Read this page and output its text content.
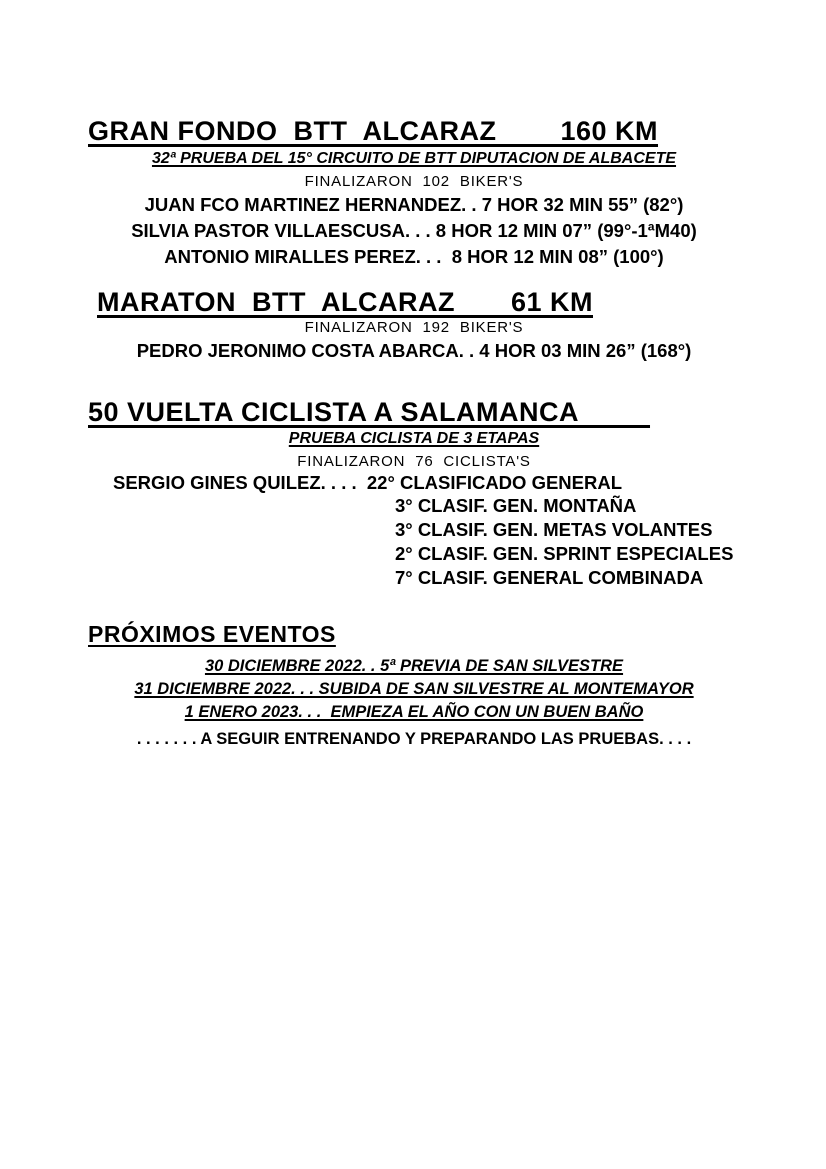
GRAN FONDO  BTT  ALCARAZ        160 KM
32ª PRUEBA DEL 15° CIRCUITO DE BTT DIPUTACION DE ALBACETE
FINALIZARON  102  BIKER'S
JUAN FCO MARTINEZ HERNANDEZ. . 7 HOR 32 MIN 55” (82°)
SILVIA PASTOR VILLAESCUSA. . . 8 HOR 12 MIN 07” (99°-1ªM40)
ANTONIO MIRALLES PEREZ. . .  8 HOR 12 MIN 08” (100°)
MARATON  BTT  ALCARAZ       61 KM
FINALIZARON  192  BIKER'S
PEDRO JERONIMO COSTA ABARCA. . 4 HOR 03 MIN 26” (168°)
50 VUELTA CICLISTA A SALAMANCA
PRUEBA CICLISTA DE 3 ETAPAS
FINALIZARON  76  CICLISTA'S
SERGIO GINES QUILEZ. . . .  22° CLASIFICADO GENERAL
3° CLASIF. GEN. MONTAÑA
3° CLASIF. GEN. METAS VOLANTES
2° CLASIF. GEN. SPRINT ESPECIALES
7° CLASIF. GENERAL COMBINADA
PRÓXIMOS EVENTOS
30 DICIEMBRE 2022. . 5ª PREVIA DE SAN SILVESTRE
31 DICIEMBRE 2022. . . SUBIDA DE SAN SILVESTRE AL MONTEMAYOR
1 ENERO 2023. . .  EMPIEZA EL AÑO CON UN BUEN BAÑO
. . . . . . . A SEGUIR ENTRENANDO Y PREPARANDO LAS PRUEBAS. . . .
